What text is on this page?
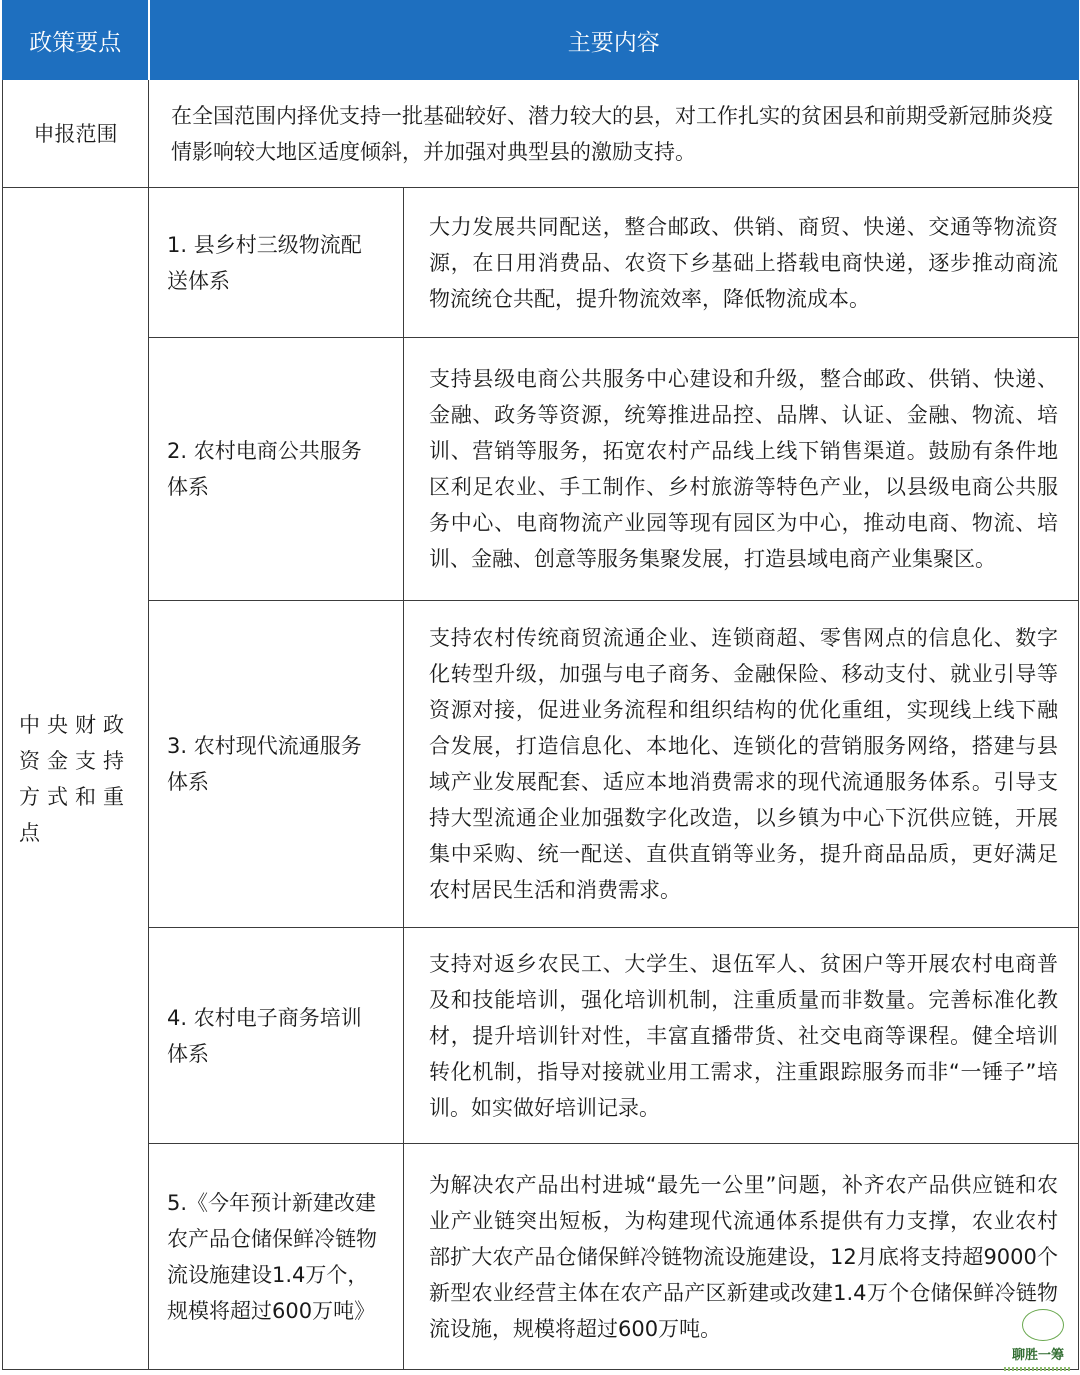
政策要点	主要内容	
申报范围	在全国范围内择优支持一批基础较好、潜力较大的县，对工作扎实的贫困县和前期受新冠肺炎疫情影响较大地区适度倾斜，并加强对典型县的激励支持。	
中央财政资金支持方式和重点	1. 县乡村三级物流配送体系	大力发展共同配送，整合邮政、供销、商贸、快递、交通等物流资源，在日用消费品、农资下乡基础上搭载电商快递，逐步推动商流物流统仓共配，提升物流效率，降低物流成本。
	2. 农村电商公共服务体系	支持县级电商公共服务中心建设和升级，整合邮政、供销、快递、金融、政务等资源，统筹推进品控、品牌、认证、金融、物流、培训、营销等服务，拓宽农村产品线上线下销售渠道。鼓励有条件地区利足农业、手工制作、乡村旅游等特色产业，以县级电商公共服务中心、电商物流产业园等现有园区为中心，推动电商、物流、培训、金融、创意等服务集聚发展，打造县域电商产业集聚区。
	3. 农村现代流通服务体系	支持农村传统商贸流通企业、连锁商超、零售网点的信息化、数字化转型升级，加强与电子商务、金融保险、移动支付、就业引导等资源对接，促进业务流程和组织结构的优化重组，实现线上线下融合发展，打造信息化、本地化、连锁化的营销服务网络，搭建与县域产业发展配套、适应本地消费需求的现代流通服务体系。引导支持大型流通企业加强数字化改造，以乡镇为中心下沉供应链，开展集中采购、统一配送、直供直销等业务，提升商品品质，更好满足农村居民生活和消费需求。
	4. 农村电子商务培训体系	支持对返乡农民工、大学生、退伍军人、贫困户等开展农村电商普及和技能培训，强化培训机制，注重质量而非数量。完善标准化教材，提升培训针对性，丰富直播带货、社交电商等课程。健全培训转化机制，指导对接就业用工需求，注重跟踪服务而非“一锤子”培训。如实做好培训记录。
	5.《今年预计新建改建农产品仓储保鲜冷链物流设施建设1.4万个，规模将超过600万吨》	为解决农产品出村进城“最先一公里”问题，补齐农产品供应链和农业产业链突出短板，为构建现代流通体系提供有力支撑，农业农村部扩大农产品仓储保鲜冷链物流设施建设，12月底将支持超9000个新型农业经营主体在农产品产区新建或改建1.4万个仓储保鲜冷链物流设施，规模将超过600万吨。
聊胜一筹
